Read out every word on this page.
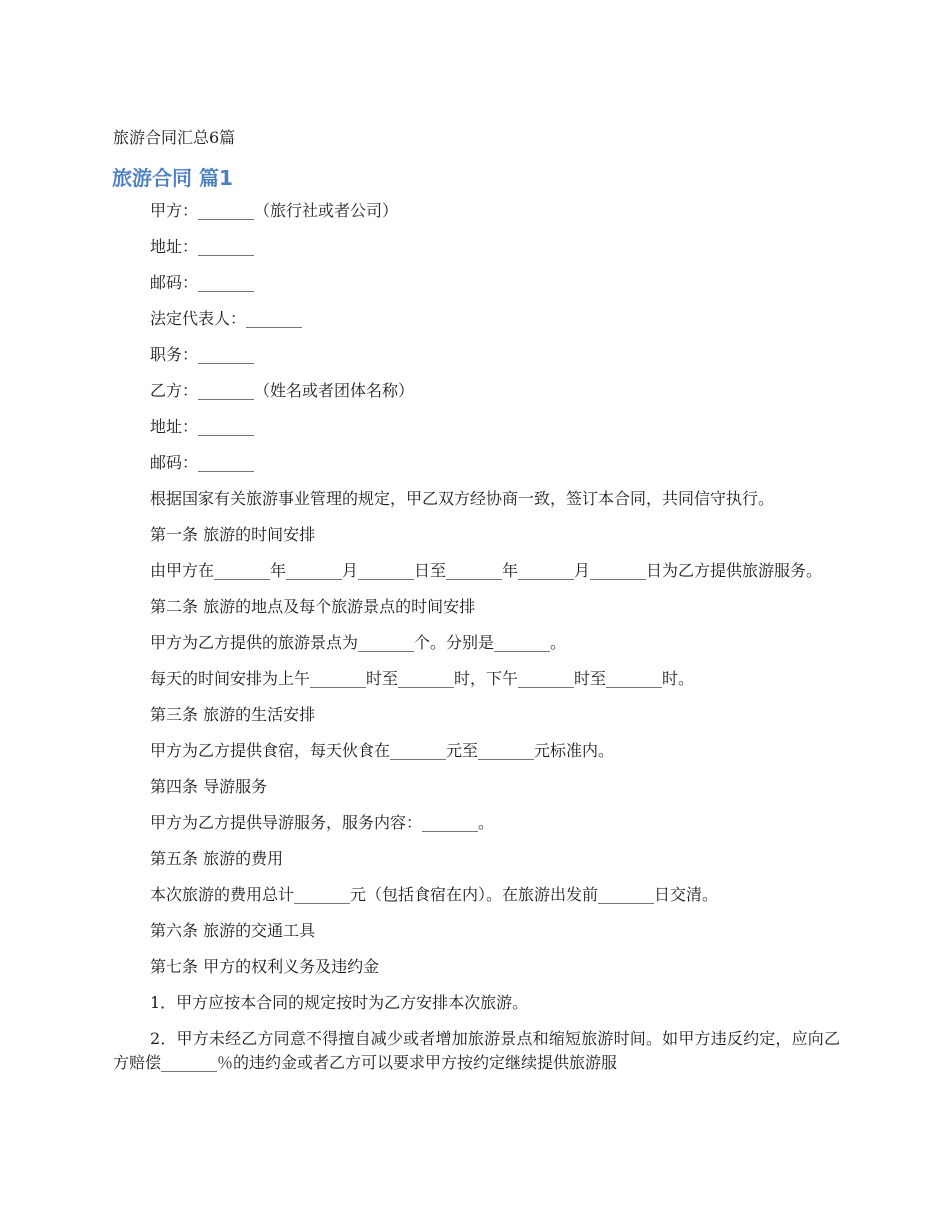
旅游合同汇总6篇
旅游合同 篇1

甲方：_______（旅行社或者公司）

地址：_______

邮码：_______

法定代表人：_______

职务：_______

乙方：_______（姓名或者团体名称）

地址：_______

邮码：_______

根据国家有关旅游事业管理的规定，甲乙双方经协商一致，签订本合同，共同信守执行。

第一条 旅游的时间安排

由甲方在_______年_______月_______日至_______年_______月_______日为乙方提供旅游服务。

第二条 旅游的地点及每个旅游景点的时间安排

甲方为乙方提供的旅游景点为_______个。分别是_______。

每天的时间安排为上午_______时至_______时，下午_______时至_______时。

第三条 旅游的生活安排

甲方为乙方提供食宿，每天伙食在_______元至_______元标准内。

第四条 导游服务

甲方为乙方提供导游服务，服务内容：_______。

第五条 旅游的费用

本次旅游的费用总计_______元（包括食宿在内）。在旅游出发前_______日交清。

第六条 旅游的交通工具

第七条 甲方的权利义务及违约金

1．甲方应按本合同的规定按时为乙方安排本次旅游。

2．甲方未经乙方同意不得擅自减少或者增加旅游景点和缩短旅游时间。如甲方违反约定，应向乙方赔偿_______％的违约金或者乙方可以要求甲方按约定继续提供旅游服
